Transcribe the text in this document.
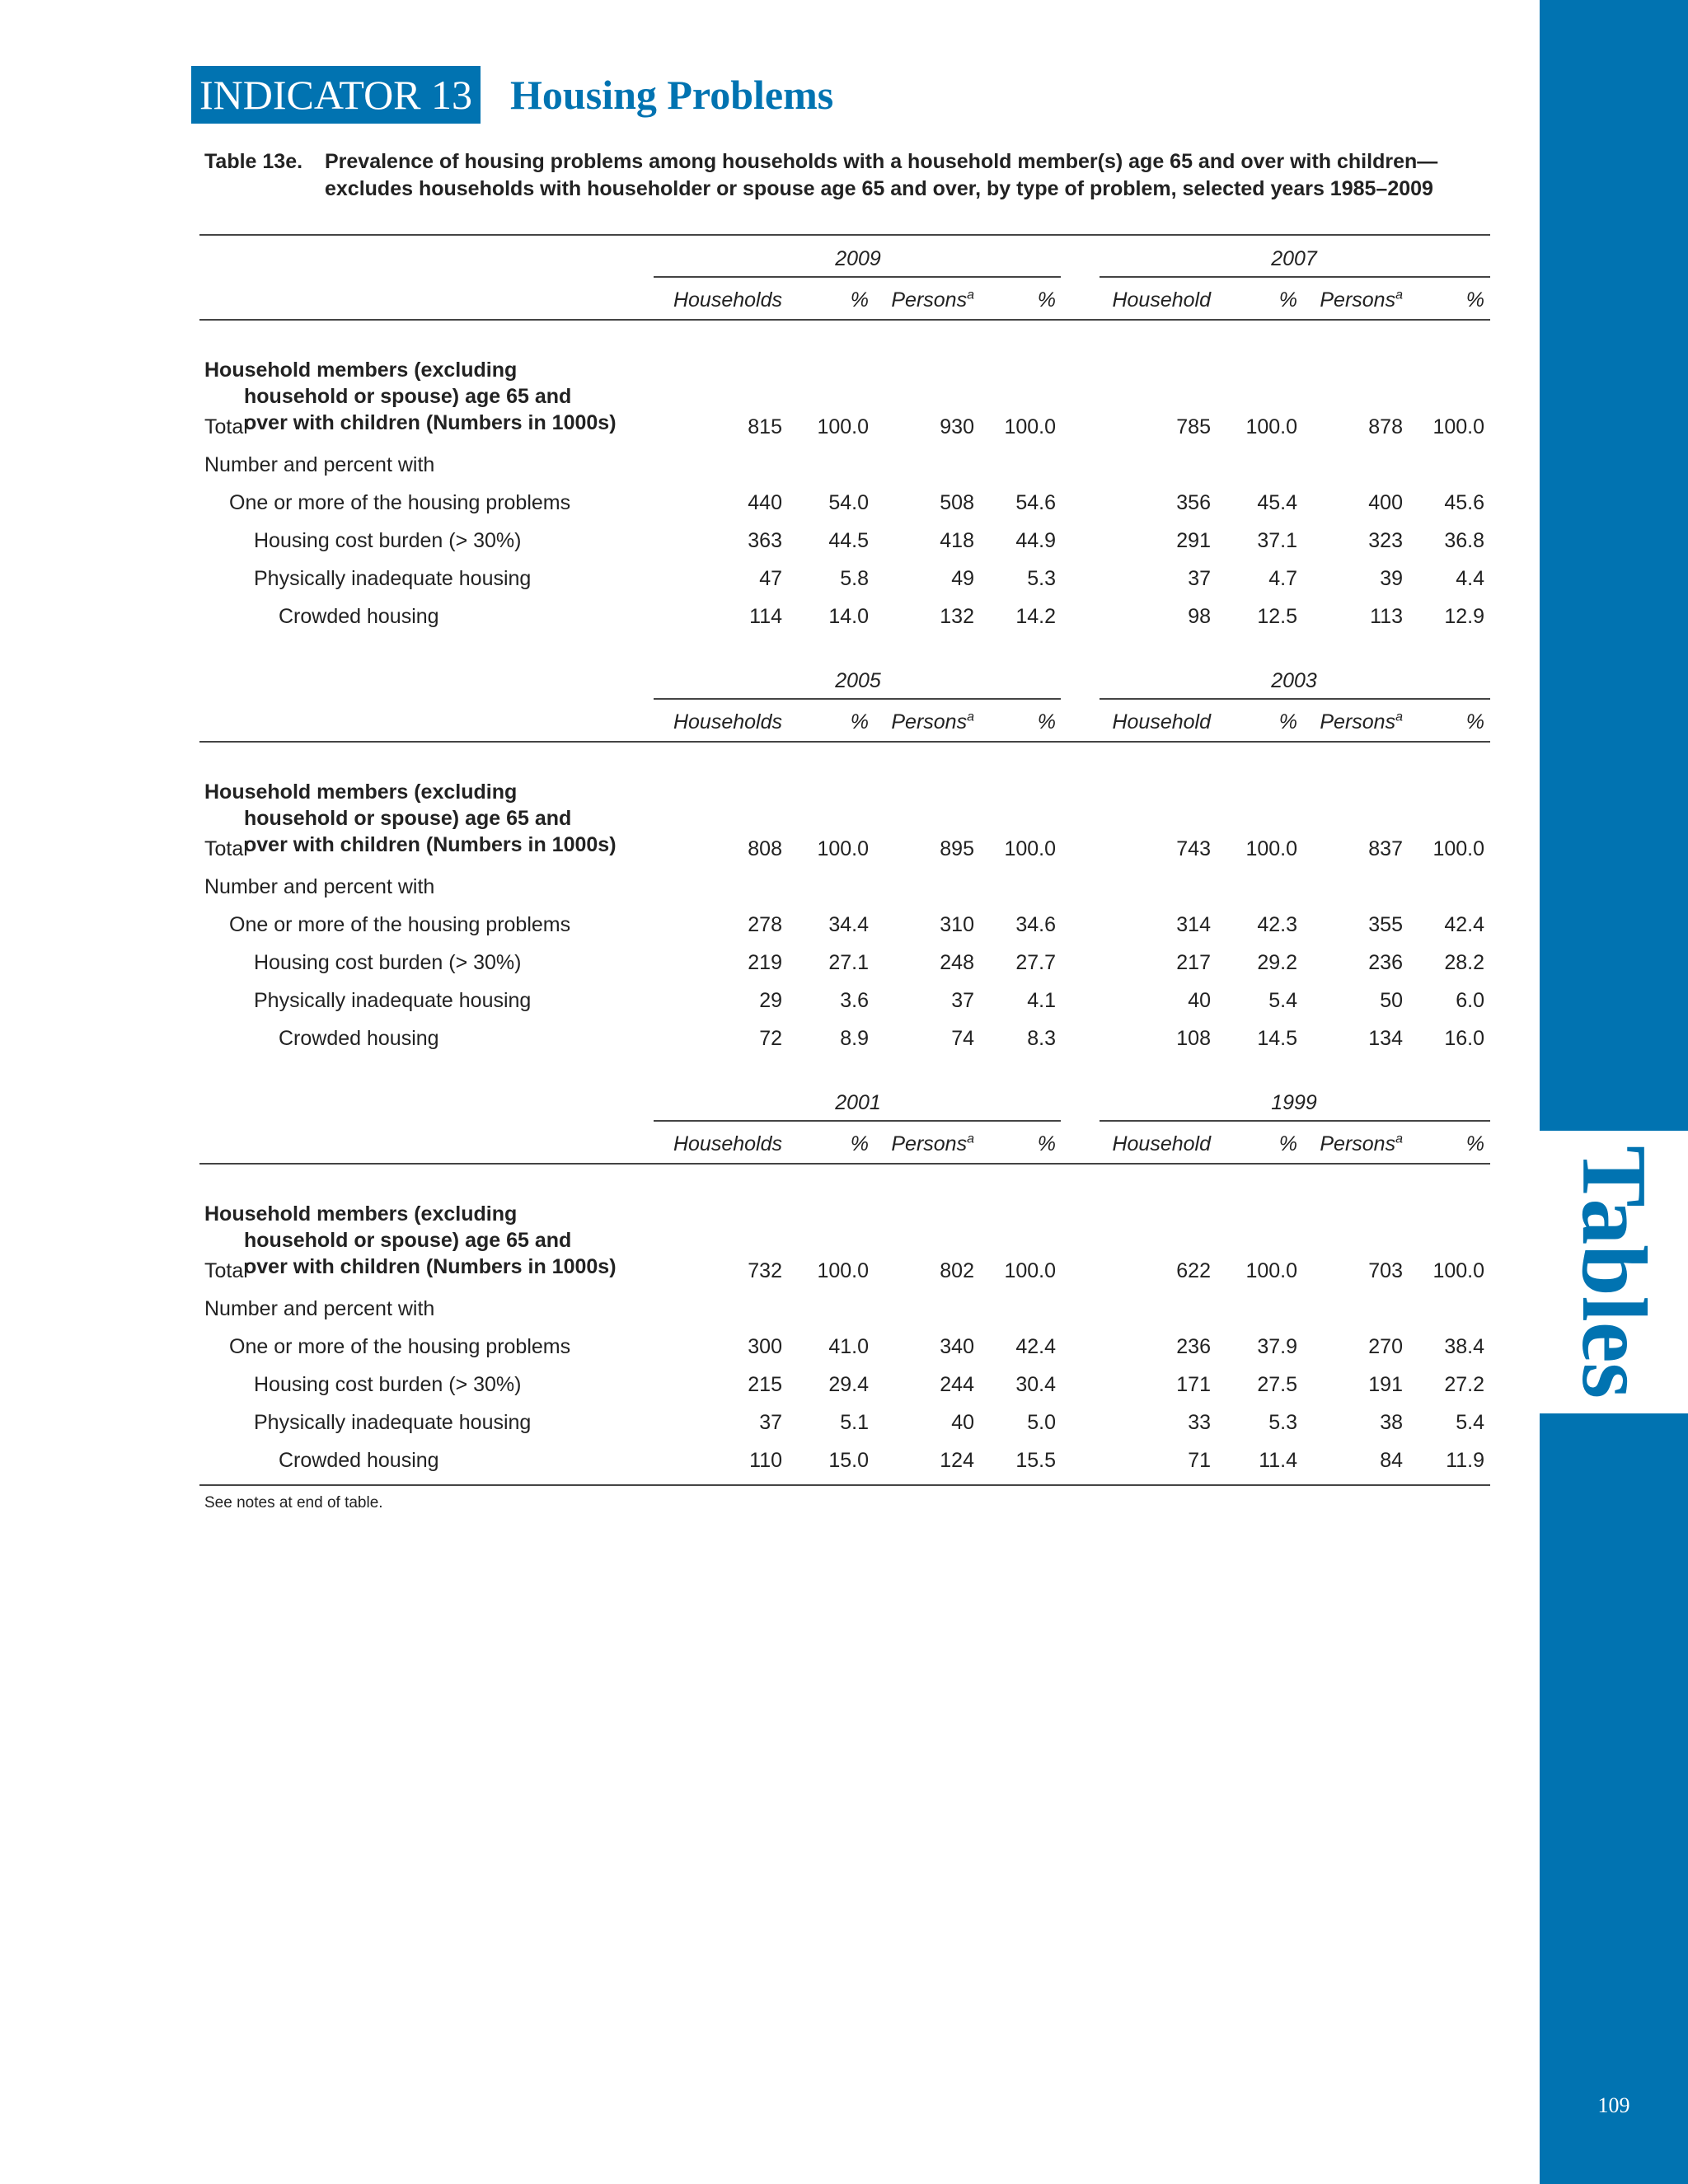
Tables
109
INDICATOR 13 Housing Problems
Table 13e.	Prevalence of housing problems among households with a household member(s) age 65 and over with children—excludes households with householder or spouse age 65 and over, by type of problem, selected years 1985–2009
2009	2007
Households	%	Persons$^a$	%	Household	%	Persons$^a$	%
Household members (excluding
household or spouse) age 65 and
over with children (Numbers in 1000s)
Total	815	100.0	930	100.0	785	100.0	878	100.0
Number and percent with
One or more of the housing problems	440	54.0	508	54.6	356	45.4	400	45.6
Housing cost burden (> 30%)	363	44.5	418	44.9	291	37.1	323	36.8
Physically inadequate housing	47	5.8	49	5.3	37	4.7	39	4.4
Crowded housing	114	14.0	132	14.2	98	12.5	113	12.9
2005	2003
Households	%	Persons$^a$	%	Household	%	Persons$^a$	%
Household members (excluding
household or spouse) age 65 and
over with children (Numbers in 1000s)
Total	808	100.0	895	100.0	743	100.0	837	100.0
Number and percent with
One or more of the housing problems	278	34.4	310	34.6	314	42.3	355	42.4
Housing cost burden (> 30%)	219	27.1	248	27.7	217	29.2	236	28.2
Physically inadequate housing	29	3.6	37	4.1	40	5.4	50	6.0
Crowded housing	72	8.9	74	8.3	108	14.5	134	16.0
2001	1999
Households	%	Persons$^a$	%	Household	%	Persons$^a$	%
Household members (excluding
household or spouse) age 65 and
over with children (Numbers in 1000s)
Total	732	100.0	802	100.0	622	100.0	703	100.0
Number and percent with
One or more of the housing problems	300	41.0	340	42.4	236	37.9	270	38.4
Housing cost burden (> 30%)	215	29.4	244	30.4	171	27.5	191	27.2
Physically inadequate housing	37	5.1	40	5.0	33	5.3	38	5.4
Crowded housing	110	15.0	124	15.5	71	11.4	84	11.9
See notes at end of table.
